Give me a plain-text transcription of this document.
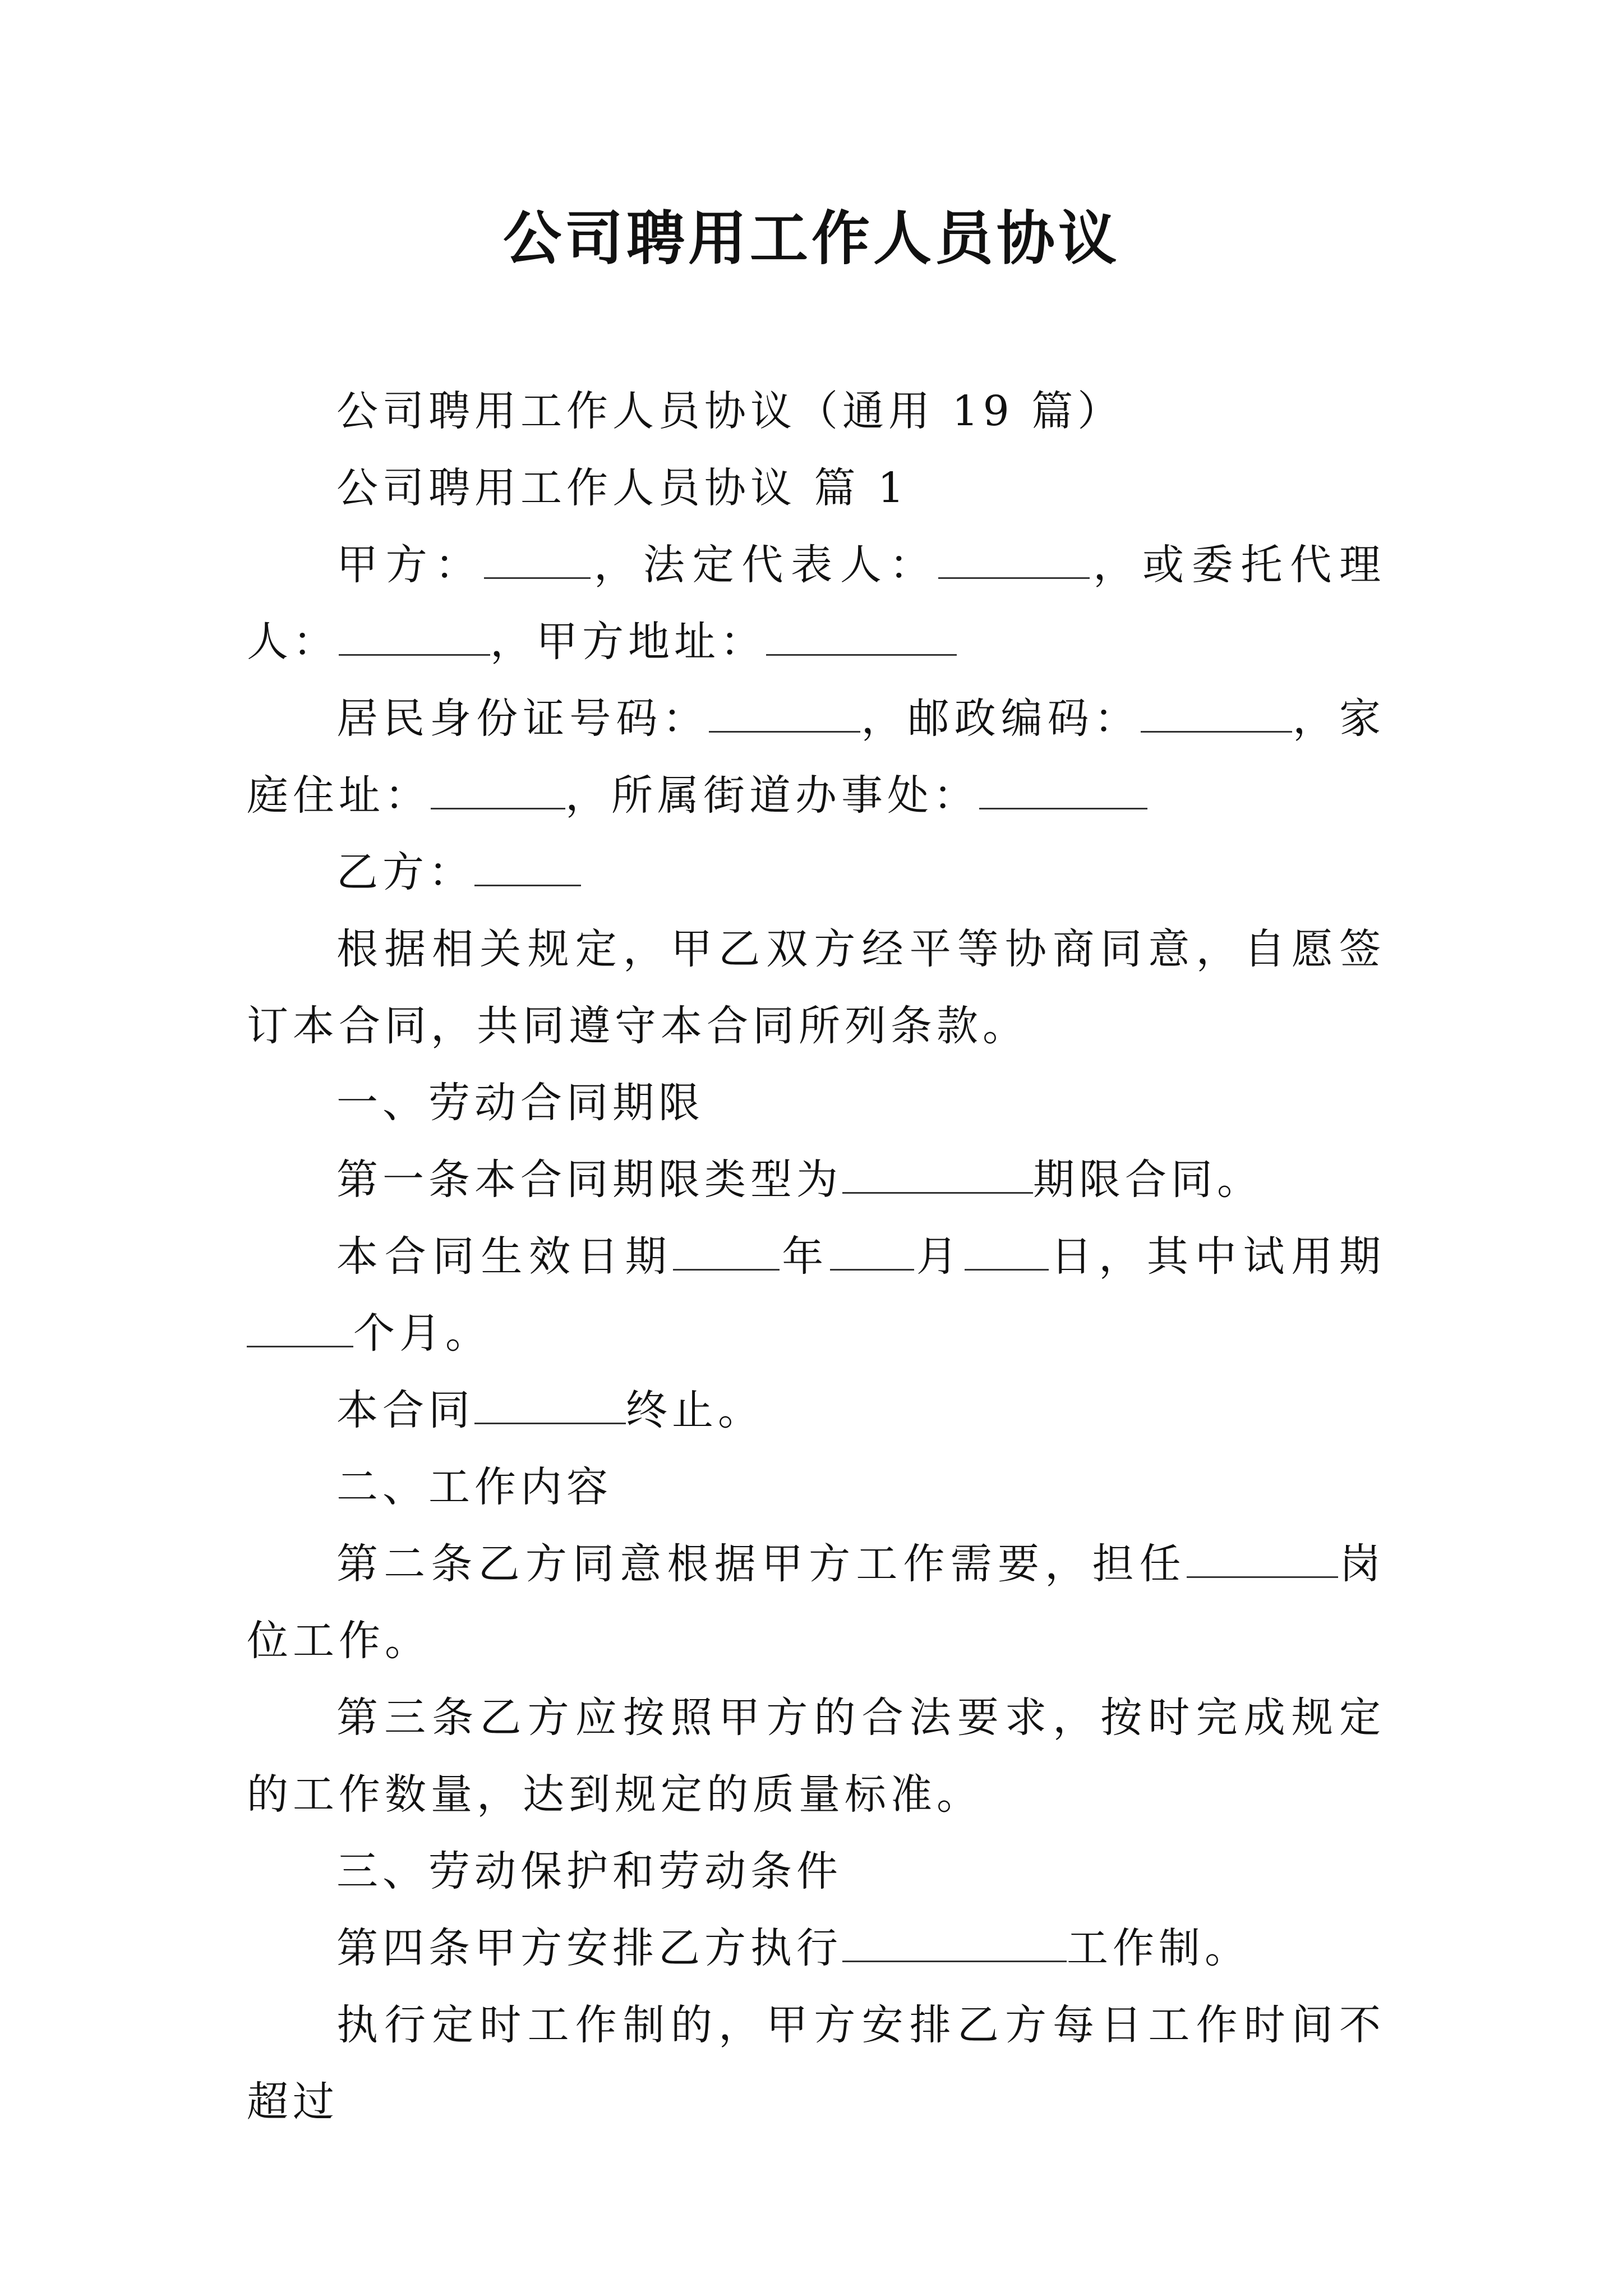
公司聘用工作人员协议

公司聘用工作人员协议（通用 19 篇）

公司聘用工作人员协议 篇 1

甲方：	，法定代表人：	，或委托代理人：	，甲方地址：

居民身份证号码：	，邮政编码：	，家庭住址：	，所属街道办事处：

乙方：

根据相关规定，甲乙双方经平等协商同意，自愿签订本合同，共同遵守本合同所列条款。

一、劳动合同期限

第一条本合同期限类型为	期限合同。

本合同生效日期	年 月 日，其中试用期个月。

本合同	终止。

二、工作内容

第二条乙方同意根据甲方工作需要，担任	岗位工作。

第三条乙方应按照甲方的合法要求，按时完成规定的工作数量，达到规定的质量标准。

三、劳动保护和劳动条件

第四条甲方安排乙方执行	工作制。

执行定时工作制的，甲方安排乙方每日工作时间不超过
